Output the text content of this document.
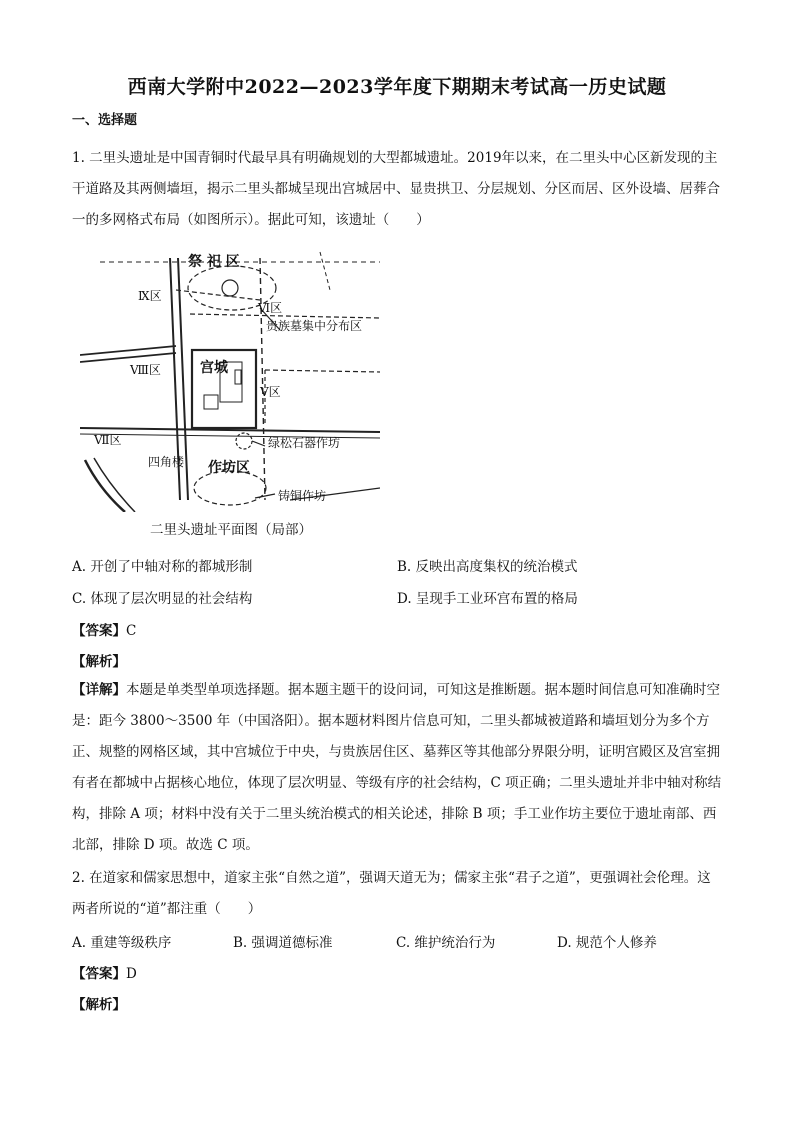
西南大学附中2022—2023学年度下期期末考试高一历史试题
一、选择题
1. 二里头遗址是中国青铜时代最早具有明确规划的大型都城遗址。2019年以来，在二里头中心区新发现的主干道路及其两侧墙垣，揭示二里头都城呈现出宫城居中、显贵拱卫、分层规划、分区而居、区外设墙、居葬合一的多网格式布局（如图所示）。据此可知，该遗址（　　）
祭 祀 区
宫城
作坊区
Ⅸ区
Ⅵ区
贵族墓集中分布区
Ⅷ区
Ⅴ区
Ⅶ区	绿松石器作坊
四角楼
铸铜作坊
二里头遗址平面图（局部）
A. 开创了中轴对称的都城形制	B. 反映出高度集权的统治模式
C. 体现了层次明显的社会结构	D. 呈现手工业环宫布置的格局
【答案】C
【解析】
【详解】本题是单类型单项选择题。据本题主题干的设问词，可知这是推断题。据本题时间信息可知准确时空是：距今 3800～3500 年（中国洛阳）。据本题材料图片信息可知，二里头都城被道路和墙垣划分为多个方正、规整的网格区域，其中宫城位于中央，与贵族居住区、墓葬区等其他部分界限分明，证明宫殿区及宫室拥有者在都城中占据核心地位，体现了层次明显、等级有序的社会结构，C 项正确；二里头遗址并非中轴对称结构，排除 A 项；材料中没有关于二里头统治模式的相关论述，排除 B 项；手工业作坊主要位于遗址南部、西北部，排除 D 项。故选 C 项。
2. 在道家和儒家思想中，道家主张“自然之道”，强调天道无为；儒家主张“君子之道”，更强调社会伦理。这两者所说的“道”都注重（　　）
A. 重建等级秩序	B. 强调道德标准	C. 维护统治行为	D. 规范个人修养
【答案】D
【解析】
